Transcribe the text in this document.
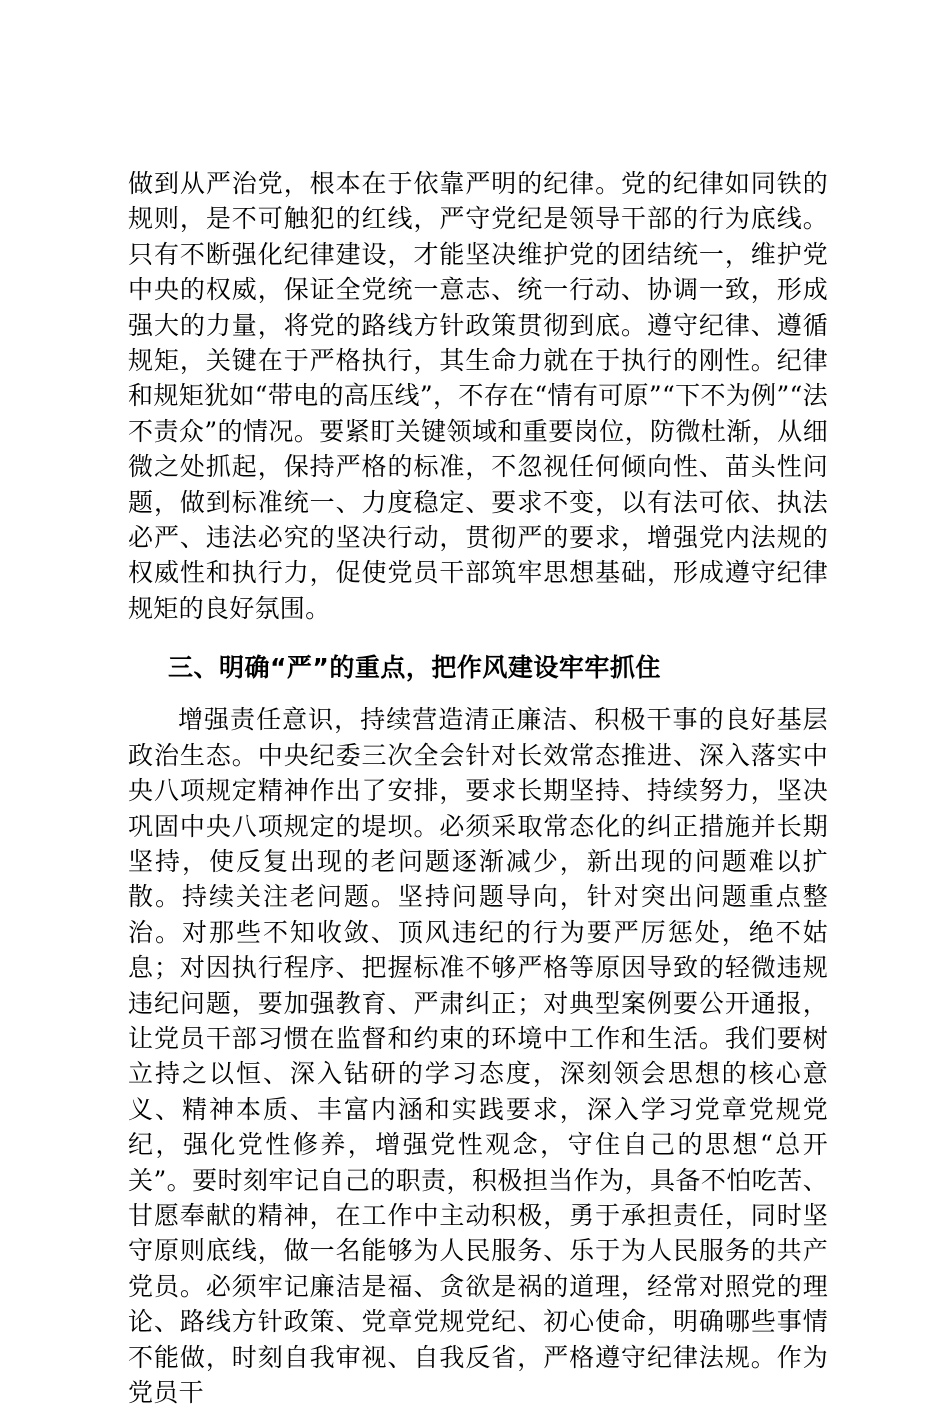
做到从严治党，根本在于依靠严明的纪律。党的纪律如同铁的规则，是不可触犯的红线，严守党纪是领导干部的行为底线。只有不断强化纪律建设，才能坚决维护党的团结统一，维护党中央的权威，保证全党统一意志、统一行动、协调一致，形成强大的力量，将党的路线方针政策贯彻到底。遵守纪律、遵循规矩，关键在于严格执行，其生命力就在于执行的刚性。纪律和规矩犹如“带电的高压线”，不存在“情有可原”“下不为例”“法不责众”的情况。要紧盯关键领域和重要岗位，防微杜渐，从细微之处抓起，保持严格的标准，不忽视任何倾向性、苗头性问题，做到标准统一、力度稳定、要求不变，以有法可依、执法必严、违法必究的坚决行动，贯彻严的要求，增强党内法规的权威性和执行力，促使党员干部筑牢思想基础，形成遵守纪律规矩的良好氛围。

三、明确“严”的重点，把作风建设牢牢抓住

增强责任意识，持续营造清正廉洁、积极干事的良好基层政治生态。中央纪委三次全会针对长效常态推进、深入落实中央八项规定精神作出了安排，要求长期坚持、持续努力，坚决巩固中央八项规定的堤坝。必须采取常态化的纠正措施并长期坚持，使反复出现的老问题逐渐减少，新出现的问题难以扩散。持续关注老问题。坚持问题导向，针对突出问题重点整治。对那些不知收敛、顶风违纪的行为要严厉惩处，绝不姑息；对因执行程序、把握标准不够严格等原因导致的轻微违规违纪问题，要加强教育、严肃纠正；对典型案例要公开通报，让党员干部习惯在监督和约束的环境中工作和生活。我们要树立持之以恒、深入钻研的学习态度，深刻领会思想的核心意义、精神本质、丰富内涵和实践要求，深入学习党章党规党纪，强化党性修养，增强党性观念，守住自己的思想“总开关”。要时刻牢记自己的职责，积极担当作为，具备不怕吃苦、甘愿奉献的精神，在工作中主动积极，勇于承担责任，同时坚守原则底线，做一名能够为人民服务、乐于为人民服务的共产党员。必须牢记廉洁是福、贪欲是祸的道理，经常对照党的理论、路线方针政策、党章党规党纪、初心使命，明确哪些事情不能做，时刻自我审视、自我反省，严格遵守纪律法规。作为党员干
